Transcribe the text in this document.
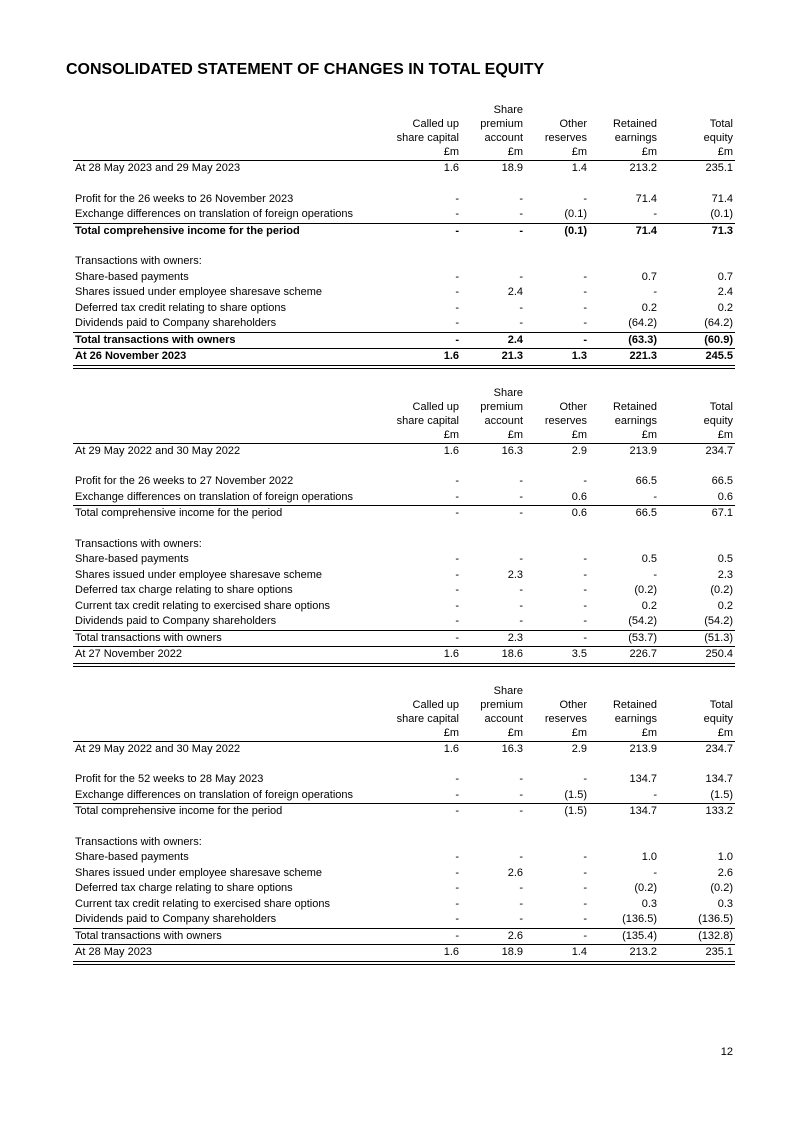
CONSOLIDATED STATEMENT OF CHANGES IN TOTAL EQUITY
		Share			
	Called up	premium	Other	Retained	Total
	share capital	account	reserves	earnings	equity
	£m	£m	£m	£m	£m
At 28 May 2023 and 29 May 2023	1.6	18.9	1.4	213.2	235.1

Profit for the 26 weeks to 26 November 2023	-	-	-	71.4	71.4
Exchange differences on translation of foreign operations	-	-	(0.1)	-	(0.1)
Total comprehensive income for the period	-	-	(0.1)	71.4	71.3

Transactions with owners:					
Share-based payments	-	-	-	0.7	0.7
Shares issued under employee sharesave scheme	-	2.4	-	-	2.4
Deferred tax credit relating to share options	-	-	-	0.2	0.2
Dividends paid to Company shareholders	-	-	-	(64.2)	(64.2)
Total transactions with owners	-	2.4	-	(63.3)	(60.9)
At 26 November 2023	1.6	21.3	1.3	221.3	245.5
		Share			
	Called up	premium	Other	Retained	Total
	share capital	account	reserves	earnings	equity
	£m	£m	£m	£m	£m
At 29 May 2022 and 30 May 2022	1.6	16.3	2.9	213.9	234.7

Profit for the 26 weeks to 27 November 2022	-	-	-	66.5	66.5
Exchange differences on translation of foreign operations	-	-	0.6	-	0.6
Total comprehensive income for the period	-	-	0.6	66.5	67.1

Transactions with owners:					
Share-based payments	-	-	-	0.5	0.5
Shares issued under employee sharesave scheme	-	2.3	-	-	2.3
Deferred tax charge relating to share options	-	-	-	(0.2)	(0.2)
Current tax credit relating to exercised share options	-	-	-	0.2	0.2
Dividends paid to Company shareholders	-	-	-	(54.2)	(54.2)
Total transactions with owners	-	2.3	-	(53.7)	(51.3)
At 27 November 2022	1.6	18.6	3.5	226.7	250.4
		Share			
	Called up	premium	Other	Retained	Total
	share capital	account	reserves	earnings	equity
	£m	£m	£m	£m	£m
At 29 May 2022 and 30 May 2022	1.6	16.3	2.9	213.9	234.7

Profit for the 52 weeks to 28 May 2023	-	-	-	134.7	134.7
Exchange differences on translation of foreign operations	-	-	(1.5)	-	(1.5)
Total comprehensive income for the period	-	-	(1.5)	134.7	133.2

Transactions with owners:					
Share-based payments	-	-	-	1.0	1.0
Shares issued under employee sharesave scheme	-	2.6	-	-	2.6
Deferred tax charge relating to share options	-	-	-	(0.2)	(0.2)
Current tax credit relating to exercised share options	-	-	-	0.3	0.3
Dividends paid to Company shareholders	-	-	-	(136.5)	(136.5)
Total transactions with owners	-	2.6	-	(135.4)	(132.8)
At 28 May 2023	1.6	18.9	1.4	213.2	235.1
12
